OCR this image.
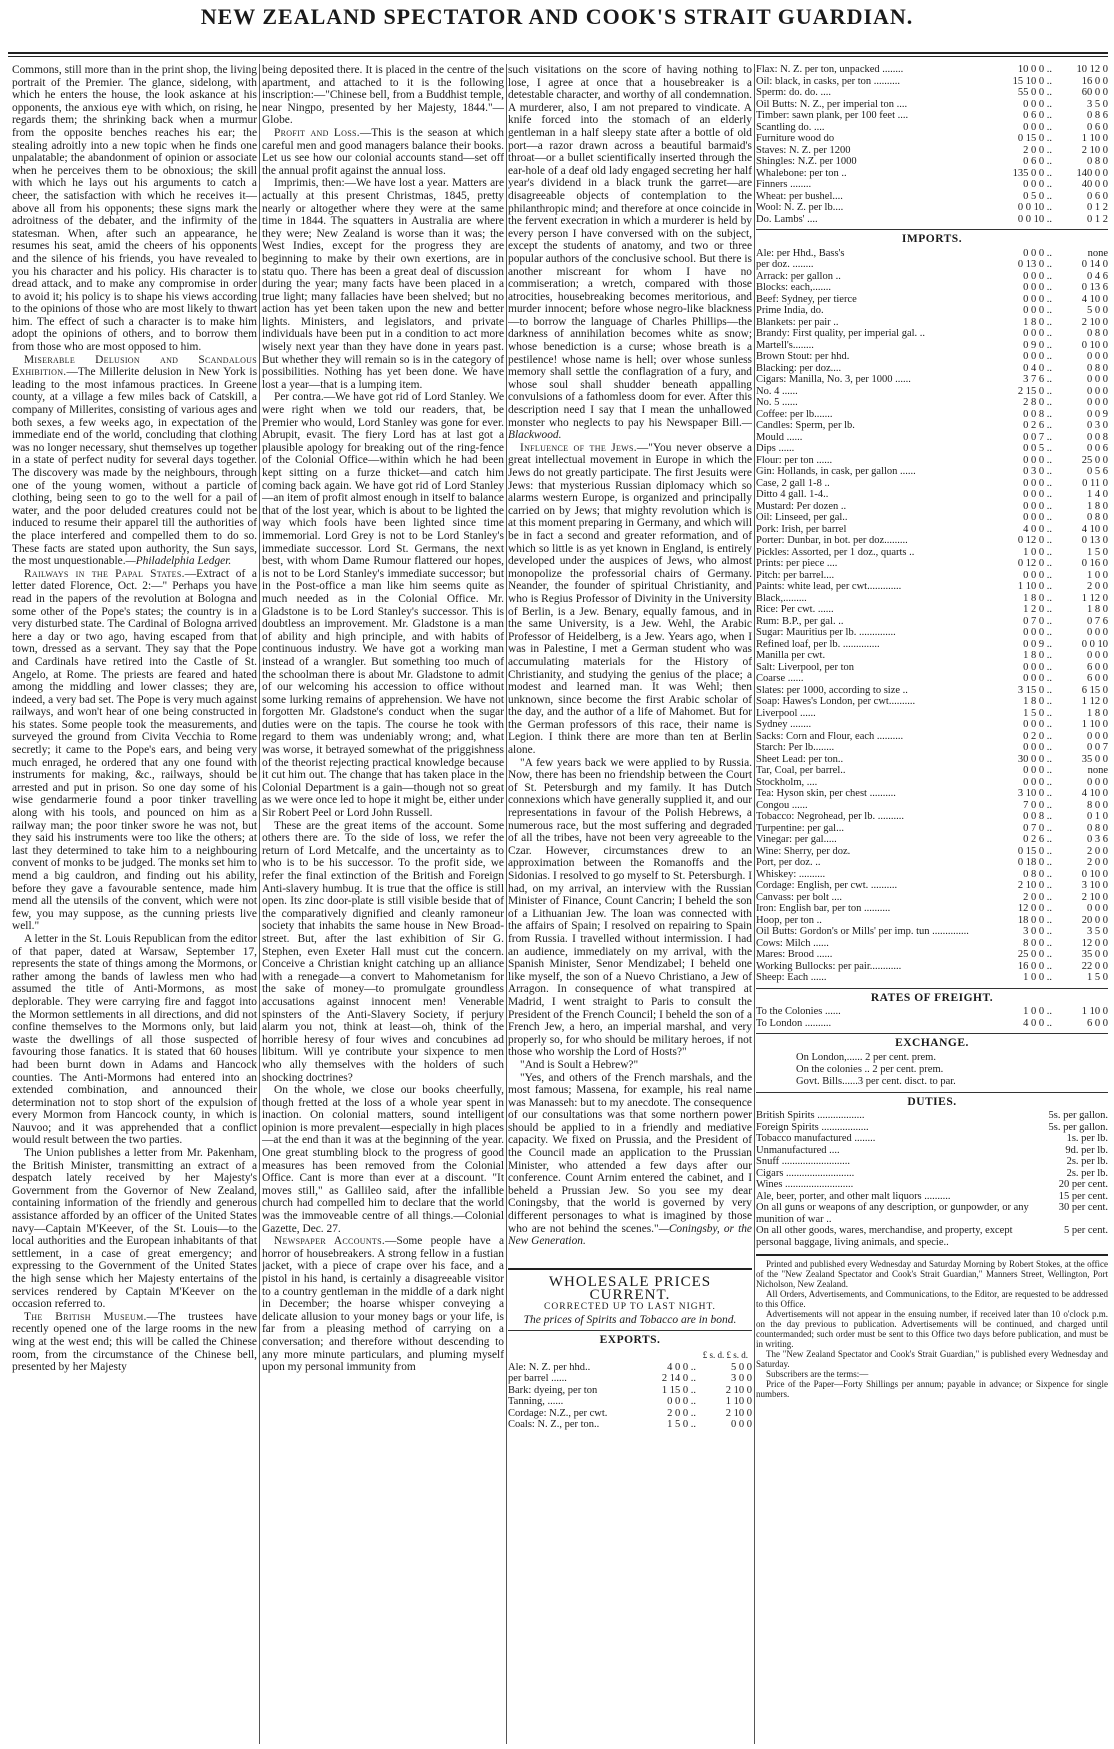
NEW ZEALAND SPECTATOR AND COOK'S STRAIT GUARDIAN.

Commons, still more than in the print shop, the living portrait of the Premier. The glance, sidelong, with which he enters the house, the look askance at his opponents, the anxious eye with which, on rising, he regards them; the shrinking back when a murmur from the opposite benches reaches his ear; the stealing adroitly into a new topic when he finds one unpalatable; the abandonment of opinion or associate when he perceives them to be obnoxious; the skill with which he lays out his arguments to catch a cheer, the satisfaction with which he receives it—above all from his opponents; these signs mark the adroitness of the debater, and the infirmity of the statesman. When, after such an appearance, he resumes his seat, amid the cheers of his opponents and the silence of his friends, you have revealed to you his character and his policy. His character is to dread attack, and to make any compromise in order to avoid it; his policy is to shape his views according to the opinions of those who are most likely to thwart him. The effect of such a character is to make him adopt the opinions of others, and to borrow them from those who are most opposed to him.

Miserable Delusion and Scandalous Exhibition.—The Millerite delusion in New York is leading to the most infamous practices. In Greene county, at a village a few miles back of Catskill, a company of Millerites, consisting of various ages and both sexes, a few weeks ago, in expectation of the immediate end of the world, concluding that clothing was no longer necessary, shut themselves up together in a state of perfect nudity for several days together. The discovery was made by the neighbours, through one of the young women, without a particle of clothing, being seen to go to the well for a pail of water, and the poor deluded creatures could not be induced to resume their apparel till the authorities of the place interfered and compelled them to do so. These facts are stated upon authority, the Sun says, the most unquestionable.—Philadelphia Ledger.

Railways in the Papal States.—Extract of a letter dated Florence, Oct. 2:—" Perhaps you have read in the papers of the revolution at Bologna and some other of the Pope's states; the country is in a very disturbed state. The Cardinal of Bologna arrived here a day or two ago, having escaped from that town, dressed as a servant. They say that the Pope and Cardinals have retired into the Castle of St. Angelo, at Rome. The priests are feared and hated among the middling and lower classes; they are, indeed, a very bad set. The Pope is very much against railways, and won't hear of one being constructed in his states. Some people took the measurements, and surveyed the ground from Civita Vecchia to Rome secretly; it came to the Pope's ears, and being very much enraged, he ordered that any one found with instruments for making, &c., railways, should be arrested and put in prison. So one day some of his wise gendarmerie found a poor tinker travelling along with his tools, and pounced on him as a railway man; the poor tinker swore he was not, but they said his instruments were too like the others; at last they determined to take him to a neighbouring convent of monks to be judged. The monks set him to mend a big cauldron, and finding out his ability, before they gave a favourable sentence, made him mend all the utensils of the convent, which were not few, you may suppose, as the cunning priests live well."

A letter in the St. Louis Republican from the editor of that paper, dated at Warsaw, September 17, represents the state of things among the Mormons, or rather among the bands of lawless men who had assumed the title of Anti-Mormons, as most deplorable. They were carrying fire and faggot into the Mormon settlements in all directions, and did not confine themselves to the Mormons only, but laid waste the dwellings of all those suspected of favouring those fanatics. It is stated that 60 houses had been burnt down in Adams and Hancock counties. The Anti-Mormons had entered into an extended combination, and announced their determination not to stop short of the expulsion of every Mormon from Hancock county, in which is Nauvoo; and it was apprehended that a conflict would result between the two parties.

The Union publishes a letter from Mr. Pakenham, the British Minister, transmitting an extract of a despatch lately received by her Majesty's Government from the Governor of New Zealand, containing information of the friendly and generous assistance afforded by an officer of the United States navy—Captain M'Keever, of the St. Louis—to the local authorities and the European inhabitants of that settlement, in a case of great emergency; and expressing to the Government of the United States the high sense which her Majesty entertains of the services rendered by Captain M'Keever on the occasion referred to.

The British Museum.—The trustees have recently opened one of the large rooms in the new wing at the west end; this will be called the Chinese room, from the circumstance of the Chinese bell, presented by her Majesty

being deposited there. It is placed in the centre of the apartment, and attached to it is the following inscription:—"Chinese bell, from a Buddhist temple, near Ningpo, presented by her Majesty, 1844."—Globe.

Profit and Loss.—This is the season at which careful men and good managers balance their books. Let us see how our colonial accounts stand—set off the annual profit against the annual loss.

Imprimis, then:—We have lost a year. Matters are actually at this present Christmas, 1845, pretty nearly or altogether where they were at the same time in 1844. The squatters in Australia are where they were; New Zealand is worse than it was; the West Indies, except for the progress they are beginning to make by their own exertions, are in statu quo. There has been a great deal of discussion during the year; many facts have been placed in a true light; many fallacies have been shelved; but no action has yet been taken upon the new and better lights. Ministers, and legislators, and private individuals have been put in a condition to act more wisely next year than they have done in years past. But whether they will remain so is in the category of possibilities. Nothing has yet been done. We have lost a year—that is a lumping item.

Per contra.—We have got rid of Lord Stanley. We were right when we told our readers, that, be Premier who would, Lord Stanley was gone for ever. Abrupit, evasit. The fiery Lord has at last got a plausible apology for breaking out of the ring-fence of the Colonial Office—within which he had been kept sitting on a furze thicket—and catch him coming back again. We have got rid of Lord Stanley—an item of profit almost enough in itself to balance that of the lost year, which is about to be lighted the way which fools have been lighted since time immemorial. Lord Grey is not to be Lord Stanley's immediate successor. Lord St. Germans, the next best, with whom Dame Rumour flattered our hopes, is not to be Lord Stanley's immediate successor; but in the Post-office a man like him seems quite as much needed as in the Colonial Office. Mr. Gladstone is to be Lord Stanley's successor. This is doubtless an improvement. Mr. Gladstone is a man of ability and high principle, and with habits of continuous industry. We have got a working man instead of a wrangler. But something too much of the schoolman there is about Mr. Gladstone to admit of our welcoming his accession to office without some lurking remains of apprehension. We have not forgotten Mr. Gladstone's conduct when the sugar duties were on the tapis. The course he took with regard to them was undeniably wrong; and, what was worse, it betrayed somewhat of the priggishness of the theorist rejecting practical knowledge because it cut him out. The change that has taken place in the Colonial Department is a gain—though not so great as we were once led to hope it might be, either under Sir Robert Peel or Lord John Russell.

These are the great items of the account. Some others there are. To the side of loss, we refer the return of Lord Metcalfe, and the uncertainty as to who is to be his successor. To the profit side, we refer the final extinction of the British and Foreign Anti-slavery humbug. It is true that the office is still open. Its zinc door-plate is still visible beside that of the comparatively dignified and cleanly ramoneur society that inhabits the same house in New Broad-street. But, after the last exhibition of Sir G. Stephen, even Exeter Hall must cut the concern. Conceive a Christian knight catching up an alliance with a renegade—a convert to Mahometanism for the sake of money—to promulgate groundless accusations against innocent men! Venerable spinsters of the Anti-Slavery Society, if perjury alarm you not, think at least—oh, think of the horrible heresy of four wives and concubines ad libitum. Will ye contribute your sixpence to men who ally themselves with the holders of such shocking doctrines?

On the whole, we close our books cheerfully, though fretted at the loss of a whole year spent in inaction. On colonial matters, sound intelligent opinion is more prevalent—especially in high places—at the end than it was at the beginning of the year. One great stumbling block to the progress of good measures has been removed from the Colonial Office. Cant is more than ever at a discount. "It moves still," as Gallileo said, after the infallible church had compelled him to declare that the world was the immoveable centre of all things.—Colonial Gazette, Dec. 27.

Newspaper Accounts.—Some people have a horror of housebreakers. A strong fellow in a fustian jacket, with a piece of crape over his face, and a pistol in his hand, is certainly a disagreeable visitor to a country gentleman in the middle of a dark night in December; the hoarse whisper conveying a delicate allusion to your money bags or your life, is far from a pleasing method of carrying on a conversation; and therefore without descending to any more minute particulars, and pluming myself upon my personal immunity from

such visitations on the score of having nothing to lose, I agree at once that a housebreaker is a detestable character, and worthy of all condemnation. A murderer, also, I am not prepared to vindicate. A knife forced into the stomach of an elderly gentleman in a half sleepy state after a bottle of old port—a razor drawn across a beautiful barmaid's throat—or a bullet scientifically inserted through the ear-hole of a deaf old lady engaged secreting her half year's dividend in a black trunk the garret—are disagreeable objects of contemplation to the philanthropic mind; and therefore at once coincide in the fervent execration in which a murderer is held by every person I have conversed with on the subject, except the students of anatomy, and two or three popular authors of the conclusive school. But there is another miscreant for whom I have no commiseration; a wretch, compared with those atrocities, housebreaking becomes meritorious, and murder innocent; before whose negro-like blackness—to borrow the language of Charles Phillips—the darkness of annihilation becomes white as snow; whose benediction is a curse; whose breath is a pestilence! whose name is hell; over whose sunless memory shall settle the conflagration of a fury, and whose soul shall shudder beneath appalling convulsions of a fathomless doom for ever. After this description need I say that I mean the unhallowed monster who neglects to pay his Newspaper Bill.—Blackwood.

Influence of the Jews.—"You never observe a great intellectual movement in Europe in which the Jews do not greatly participate. The first Jesuits were Jews: that mysterious Russian diplomacy which so alarms western Europe, is organized and principally carried on by Jews; that mighty revolution which is at this moment preparing in Germany, and which will be in fact a second and greater reformation, and of which so little is as yet known in England, is entirely developed under the auspices of Jews, who almost monopolize the professorial chairs of Germany. Neander, the founder of spiritual Christianity, and who is Regius Professor of Divinity in the University of Berlin, is a Jew. Benary, equally famous, and in the same University, is a Jew. Wehl, the Arabic Professor of Heidelberg, is a Jew. Years ago, when I was in Palestine, I met a German student who was accumulating materials for the History of Christianity, and studying the genius of the place; a modest and learned man. It was Wehl; then unknown, since become the first Arabic scholar of the day, and the author of a life of Mahomet. But for the German professors of this race, their name is Legion. I think there are more than ten at Berlin alone.

"A few years back we were applied to by Russia. Now, there has been no friendship between the Court of St. Petersburgh and my family. It has Dutch connexions which have generally supplied it, and our representations in favour of the Polish Hebrews, a numerous race, but the most suffering and degraded of all the tribes, have not been very agreeable to the Czar. However, circumstances drew to an approximation between the Romanoffs and the Sidonias. I resolved to go myself to St. Petersburgh. I had, on my arrival, an interview with the Russian Minister of Finance, Count Cancrin; I beheld the son of a Lithuanian Jew. The loan was connected with the affairs of Spain; I resolved on repairing to Spain from Russia. I travelled without intermission. I had an audience, immediately on my arrival, with the Spanish Minister, Senor Mendizabel; I beheld one like myself, the son of a Nuevo Christiano, a Jew of Arragon. In consequence of what transpired at Madrid, I went straight to Paris to consult the President of the French Council; I beheld the son of a French Jew, a hero, an imperial marshal, and very properly so, for who should be military heroes, if not those who worship the Lord of Hosts?"

"And is Soult a Hebrew?"

"Yes, and others of the French marshals, and the most famous; Massena, for example, his real name was Manasseh: but to my anecdote. The consequence of our consultations was that some northern power should be applied to in a friendly and mediative capacity. We fixed on Prussia, and the President of the Council made an application to the Prussian Minister, who attended a few days after our conference. Count Arnim entered the cabinet, and I beheld a Prussian Jew. So you see my dear Coningsby, that the world is governed by very different personages to what is imagined by those who are not behind the scenes."—Coningsby, or the New Generation.

WHOLESALE PRICES CURRENT.
CORRECTED UP TO LAST NIGHT.
The prices of Spirits and Tobacco are in bond.
EXPORTS.
£ s. d. £ s. d.
Ale: N. Z. per hhd..	4 0 0 ..	5 0 0
per barrel ......	2 14 0 ..	3 0 0
Bark: dyeing, per ton	1 15 0 ..	2 10 0
Tanning, ......	0 0 0 ..	1 10 0
Cordage: N.Z., per cwt.	2 0 0 ..	2 10 0
Coals: N. Z., per ton..	1 5 0 ..	0 0 0
Flax: N. Z. per ton, unpacked ........	10 0 0 ..	10 12 0
Oil: black, in casks, per ton ..........	15 10 0 ..	16 0 0
Sperm: do. do. ....	55 0 0 ..	60 0 0
Oil Butts: N. Z., per imperial ton ....	0 0 0 ..	3 5 0
Timber: sawn plank, per 100 feet ....	0 6 0 ..	0 8 6
Scantling do. ....	0 0 0 ..	0 6 0
Furniture wood do	0 15 0 ..	1 10 0
Staves: N. Z. per 1200	2 0 0 ..	2 10 0
Shingles: N.Z. per 1000	0 6 0 ..	0 8 0
Whalebone: per ton ..	135 0 0 ..	140 0 0
Finners ........	0 0 0 ..	40 0 0
Wheat: per bushel....	0 5 0 ..	0 6 0
Wool: N. Z. per lb....	0 0 10 ..	0 1 2
Do. Lambs' ....	0 0 10 ..	0 1 2
IMPORTS.
Ale: per Hhd., Bass's	0 0 0 ..	none
per doz. ........	0 13 0 ..	0 14 0
Arrack: per gallon ..	0 0 0 ..	0 4 6
Blocks: each,.......	0 0 0 ..	0 13 6
Beef: Sydney, per tierce	0 0 0 ..	4 10 0
Prime India, do.	0 0 0 ..	5 0 0
Blankets: per pair ..	1 8 0 ..	2 10 0
Brandy: First quality, per imperial gal. ..	0 0 0 ..	0 8 0
Martell's........	0 9 0 ..	0 10 0
Brown Stout: per hhd.	0 0 0 ..	0 0 0
Blacking: per doz....	0 4 0 ..	0 8 0
Cigars: Manilla, No. 3, per 1000 ......	3 7 6 ..	0 0 0
No. 4 ......	2 15 0 ..	0 0 0
No. 5 ......	2 8 0 ..	0 0 0
Coffee: per lb.......	0 0 8 ..	0 0 9
Candles: Sperm, per lb.	0 2 6 ..	0 3 0
Mould ......	0 0 7 ..	0 0 8
Dips ......	0 0 5 ..	0 0 6
Flour: per ton ......	0 0 0 ..	25 0 0
Gin: Hollands, in cask, per gallon ......	0 3 0 ..	0 5 6
Case, 2 gall 1-8 ..	0 0 0 ..	0 11 0
Ditto 4 gall. 1-4..	0 0 0 ..	1 4 0
Mustard: Per dozen ..	0 0 0 ..	1 8 0
Oil: Linseed, per gal..	0 0 0 ..	0 8 0
Pork: Irish, per barrel	4 0 0 ..	4 10 0
Porter: Dunbar, in bot. per doz.........	0 12 0 ..	0 13 0
Pickles: Assorted, per 1 doz., quarts ..	1 0 0 ..	1 5 0
Prints: per piece ....	0 12 0 ..	0 16 0
Pitch: per barrel....	0 0 0 ..	1 0 0
Paints: white lead, per cwt.............	1 10 0 ..	2 0 0
Black,.........	1 8 0 ..	1 12 0
Rice: Per cwt. ......	1 2 0 ..	1 8 0
Rum: B.P., per gal. ..	0 7 0 ..	0 7 6
Sugar: Mauritius per lb. ..............	0 0 0 ..	0 0 0
Refined loaf, per lb. ..............	0 0 9 ..	0 0 10
Manilla per cwt.	1 8 0 ..	0 0 0
Salt: Liverpool, per ton	0 0 0 ..	6 0 0
Coarse ......	0 0 0 ..	6 0 0
Slates: per 1000, according to size ..	3 15 0 ..	6 15 0
Soap: Hawes's London, per cwt..........	1 8 0 ..	1 12 0
Liverpool ......	1 5 0 ..	1 8 0
Sydney ........	0 0 0 ..	1 10 0
Sacks: Corn and Flour, each ..........	0 2 0 ..	0 0 0
Starch: Per lb........	0 0 0 ..	0 0 7
Sheet Lead: per ton..	30 0 0 ..	35 0 0
Tar, Coal, per barrel..	0 0 0 ..	none
Stockholm, ....	0 0 0 ..	0 0 0
Tea: Hyson skin, per chest ..........	3 10 0 ..	4 10 0
Congou ......	7 0 0 ..	8 0 0
Tobacco: Negrohead, per lb. ..........	0 0 8 ..	0 1 0
Turpentine: per gal...	0 7 0 ..	0 8 0
Vinegar: per gal.....	0 2 6 ..	0 3 6
Wine: Sherry, per doz.	0 15 0 ..	2 0 0
Port, per doz. ..	0 18 0 ..	2 0 0
Whiskey: ..........	0 8 0 ..	0 10 0
Cordage: English, per cwt. ..........	2 10 0 ..	3 10 0
Canvass: per bolt ....	2 0 0 ..	2 10 0
Iron: English bar, per ton ..........	12 0 0 ..	0 0 0
Hoop, per ton ..	18 0 0 ..	20 0 0
Oil Butts: Gordon's or Mills' per imp. tun ..............	3 0 0 ..	3 5 0
Cows: Milch ......	8 0 0 ..	12 0 0
Mares: Brood ......	25 0 0 ..	35 0 0
Working Bullocks: per pair............	16 0 0 ..	22 0 0
Sheep: Each ......	1 0 0 ..	1 5 0
RATES OF FREIGHT.
To the Colonies ......	1 0 0 ..	1 10 0
To London ..........	4 0 0 ..	6 0 0
EXCHANGE.
On London,...... 2 per cent. prem.
On the colonies .. 2 per cent. prem.
Govt. Bills......3 per cent. disct. to par.
DUTIES.
British Spirits ..................	5s. per gallon.
Foreign Spirits ..................	5s. per gallon.
Tobacco manufactured ........	1s. per lb.
Unmanufactured ....	9d. per lb.
Snuff ..........................	2s. per lb.
Cigars ..........................	2s. per lb.
Wines ..........................	20 per cent.
Ale, beer, porter, and other malt liquors ..........	15 per cent.
On all guns or weapons of any description, or gunpowder, or any munition of war ..	30 per cent.
On all other goods, wares, merchandise, and property, except personal baggage, living animals, and specie..	5 per cent.

Printed and published every Wednesday and Saturday Morning by Robert Stokes, at the office of the "New Zealand Spectator and Cook's Strait Guardian," Manners Street, Wellington, Port Nicholson, New Zealand.

All Orders, Advertisements, and Communications, to the Editor, are requested to be addressed to this Office.

Advertisements will not appear in the ensuing number, if received later than 10 o'clock p.m. on the day previous to publication. Advertisements will be continued, and charged until countermanded; such order must be sent to this Office two days before publication, and must be in writing.

The "New Zealand Spectator and Cook's Strait Guardian," is published every Wednesday and Saturday.

Subscribers are the terms:—

Price of the Paper—Forty Shillings per annum; payable in advance; or Sixpence for single numbers.
